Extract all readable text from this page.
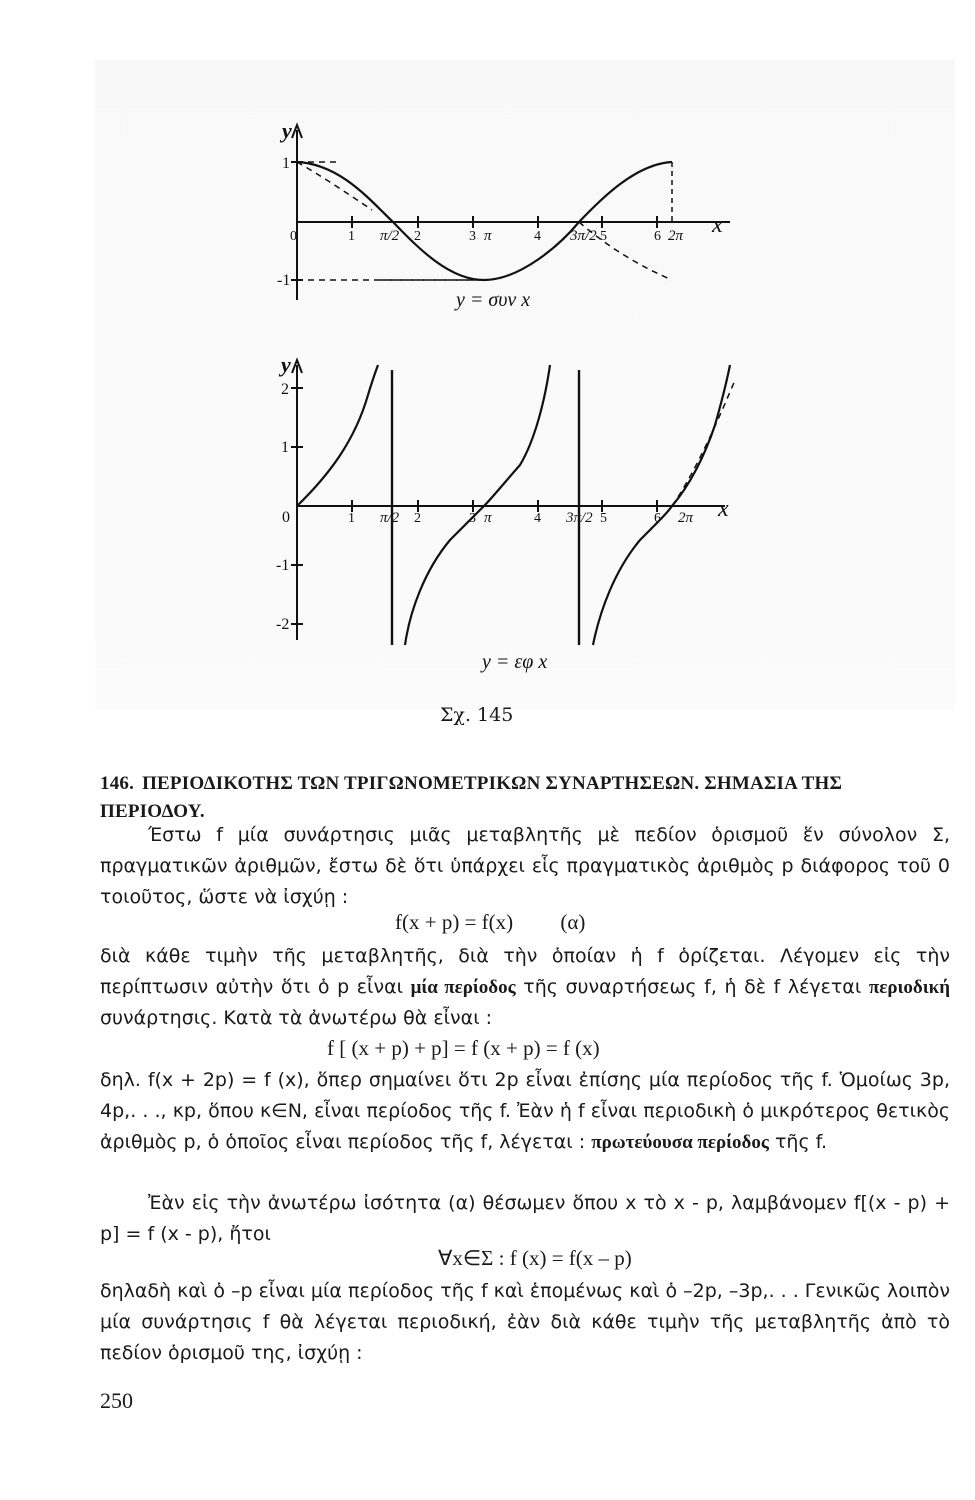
y
1
-1
0	1 π/2 2	3 π	4 3π/2 5	6 2π x
y = συν x
y
2
1
0
-1
-2
1 π/2 2	3 π	4 3π/2 5	6 2π x
y = εφ x
Σχ. 145
146. ΠΕΡΙΟΔΙΚΟΤΗΣ ΤΩΝ ΤΡΙΓΩΝΟΜΕΤΡΙΚΩΝ ΣΥΝΑΡΤΗΣΕΩΝ. ΣΗΜΑΣΙΑ ΤΗΣ ΠΕΡΙΟΔΟΥ.
Έστω f μία συνάρτησις μιᾶς μεταβλητῆς μὲ πεδίον ὁρισμοῦ ἕν σύνολον Σ, πραγματικῶν ἀριθμῶν, ἔστω δὲ ὅτι ὑπάρχει εἷς πραγματικὸς ἀριθμὸς p διάφορος τοῦ 0 τοιοῦτος, ὥστε νὰ ἰσχύῃ :
f(x + p) = f(x) (α)
διὰ κάθε τιμὴν τῆς μεταβλητῆς, διὰ τὴν ὁποίαν ἡ f ὁρίζεται. Λέγομεν εἰς τὴν περίπτωσιν αὐτὴν ὅτι ὁ p εἶναι μία περίοδος τῆς συναρτήσεως f, ἡ δὲ f λέγεται περιοδική συνάρτησις. Κατὰ τὰ ἀνωτέρω θὰ εἶναι :
f [ (x + p) + p] = f (x + p) = f (x)
δηλ. f(x + 2p) = f (x), ὅπερ σημαίνει ὅτι 2p εἶναι ἐπίσης μία περίοδος τῆς f. Ὁμοίως 3p, 4p,. . ., κp, ὅπου κ∈N, εἶναι περίοδος τῆς f. Ἐὰν ἡ f εἶναι περιοδικὴ ὁ μικρότερος θετικὸς ἀριθμὸς p, ὁ ὁποῖος εἶναι περίοδος τῆς f, λέγεται : πρωτεύουσα περίοδος τῆς f.
Ἐὰν εἰς τὴν ἀνωτέρω ἰσότητα (α) θέσωμεν ὅπου x τὸ x - p, λαμβάνομεν f[(x - p) + p] = f (x - p), ἤτοι
∀x∈Σ : f (x) = f(x – p)
δηλαδὴ καὶ ὁ –p εἶναι μία περίοδος τῆς f καὶ ἑπομένως καὶ ὁ –2p, –3p,. . . Γενικῶς λοιπὸν μία συνάρτησις f θὰ λέγεται περιοδική, ἐὰν διὰ κάθε τιμὴν τῆς μεταβλητῆς ἀπὸ τὸ πεδίον ὁρισμοῦ της, ἰσχύῃ :
250
